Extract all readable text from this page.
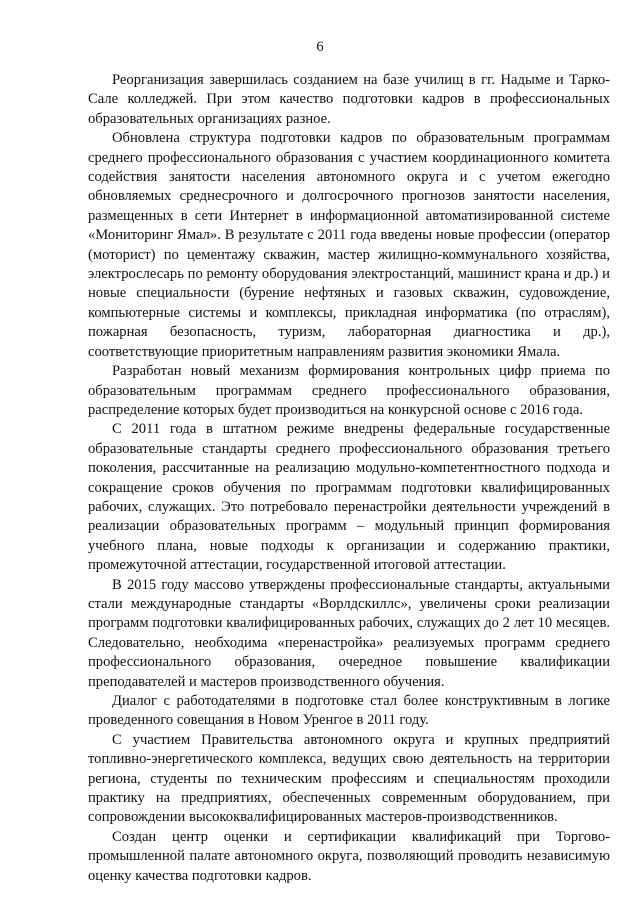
6

Реорганизация завершилась созданием на базе училищ в гг. Надыме и Тарко-Сале колледжей. При этом качество подготовки кадров в профессиональных образовательных организациях разное.

Обновлена структура подготовки кадров по образовательным программам среднего профессионального образования с участием координационного комитета содействия занятости населения автономного округа и с учетом ежегодно обновляемых среднесрочного и долгосрочного прогнозов занятости населения, размещенных в сети Интернет в информационной автоматизированной системе «Мониторинг Ямал». В результате с 2011 года введены новые профессии (оператор (моторист) по цементажу скважин, мастер жилищно-коммунального хозяйства, электрослесарь по ремонту оборудования электростанций, машинист крана и др.) и новые специальности (бурение нефтяных и газовых скважин, судовождение, компьютерные системы и комплексы, прикладная информатика (по отраслям), пожарная безопасность, туризм, лабораторная диагностика и др.), соответствующие приоритетным направлениям развития экономики Ямала.

Разработан новый механизм формирования контрольных цифр приема по образовательным программам среднего профессионального образования, распределение которых будет производиться на конкурсной основе с 2016 года.

С 2011 года в штатном режиме внедрены федеральные государственные образовательные стандарты среднего профессионального образования третьего поколения, рассчитанные на реализацию модульно-компетентностного подхода и сокращение сроков обучения по программам подготовки квалифицированных рабочих, служащих. Это потребовало перенастройки деятельности учреждений в реализации образовательных программ – модульный принцип формирования учебного плана, новые подходы к организации и содержанию практики, промежуточной аттестации, государственной итоговой аттестации.

В 2015 году массово утверждены профессиональные стандарты, актуальными стали международные стандарты «Ворлдскиллс», увеличены сроки реализации программ подготовки квалифицированных рабочих, служащих до 2 лет 10 месяцев. Следовательно, необходима «перенастройка» реализуемых программ среднего профессионального образования, очередное повышение квалификации преподавателей и мастеров производственного обучения.

Диалог с работодателями в подготовке стал более конструктивным в логике проведенного совещания в Новом Уренгое в 2011 году.

С участием Правительства автономного округа и крупных предприятий топливно-энергетического комплекса, ведущих свою деятельность на территории региона, студенты по техническим профессиям и специальностям проходили практику на предприятиях, обеспеченных современным оборудованием, при сопровождении высококвалифицированных мастеров-производственников.

Создан центр оценки и сертификации квалификаций при Торгово-промышленной палате автономного округа, позволяющий проводить независимую оценку качества подготовки кадров.
